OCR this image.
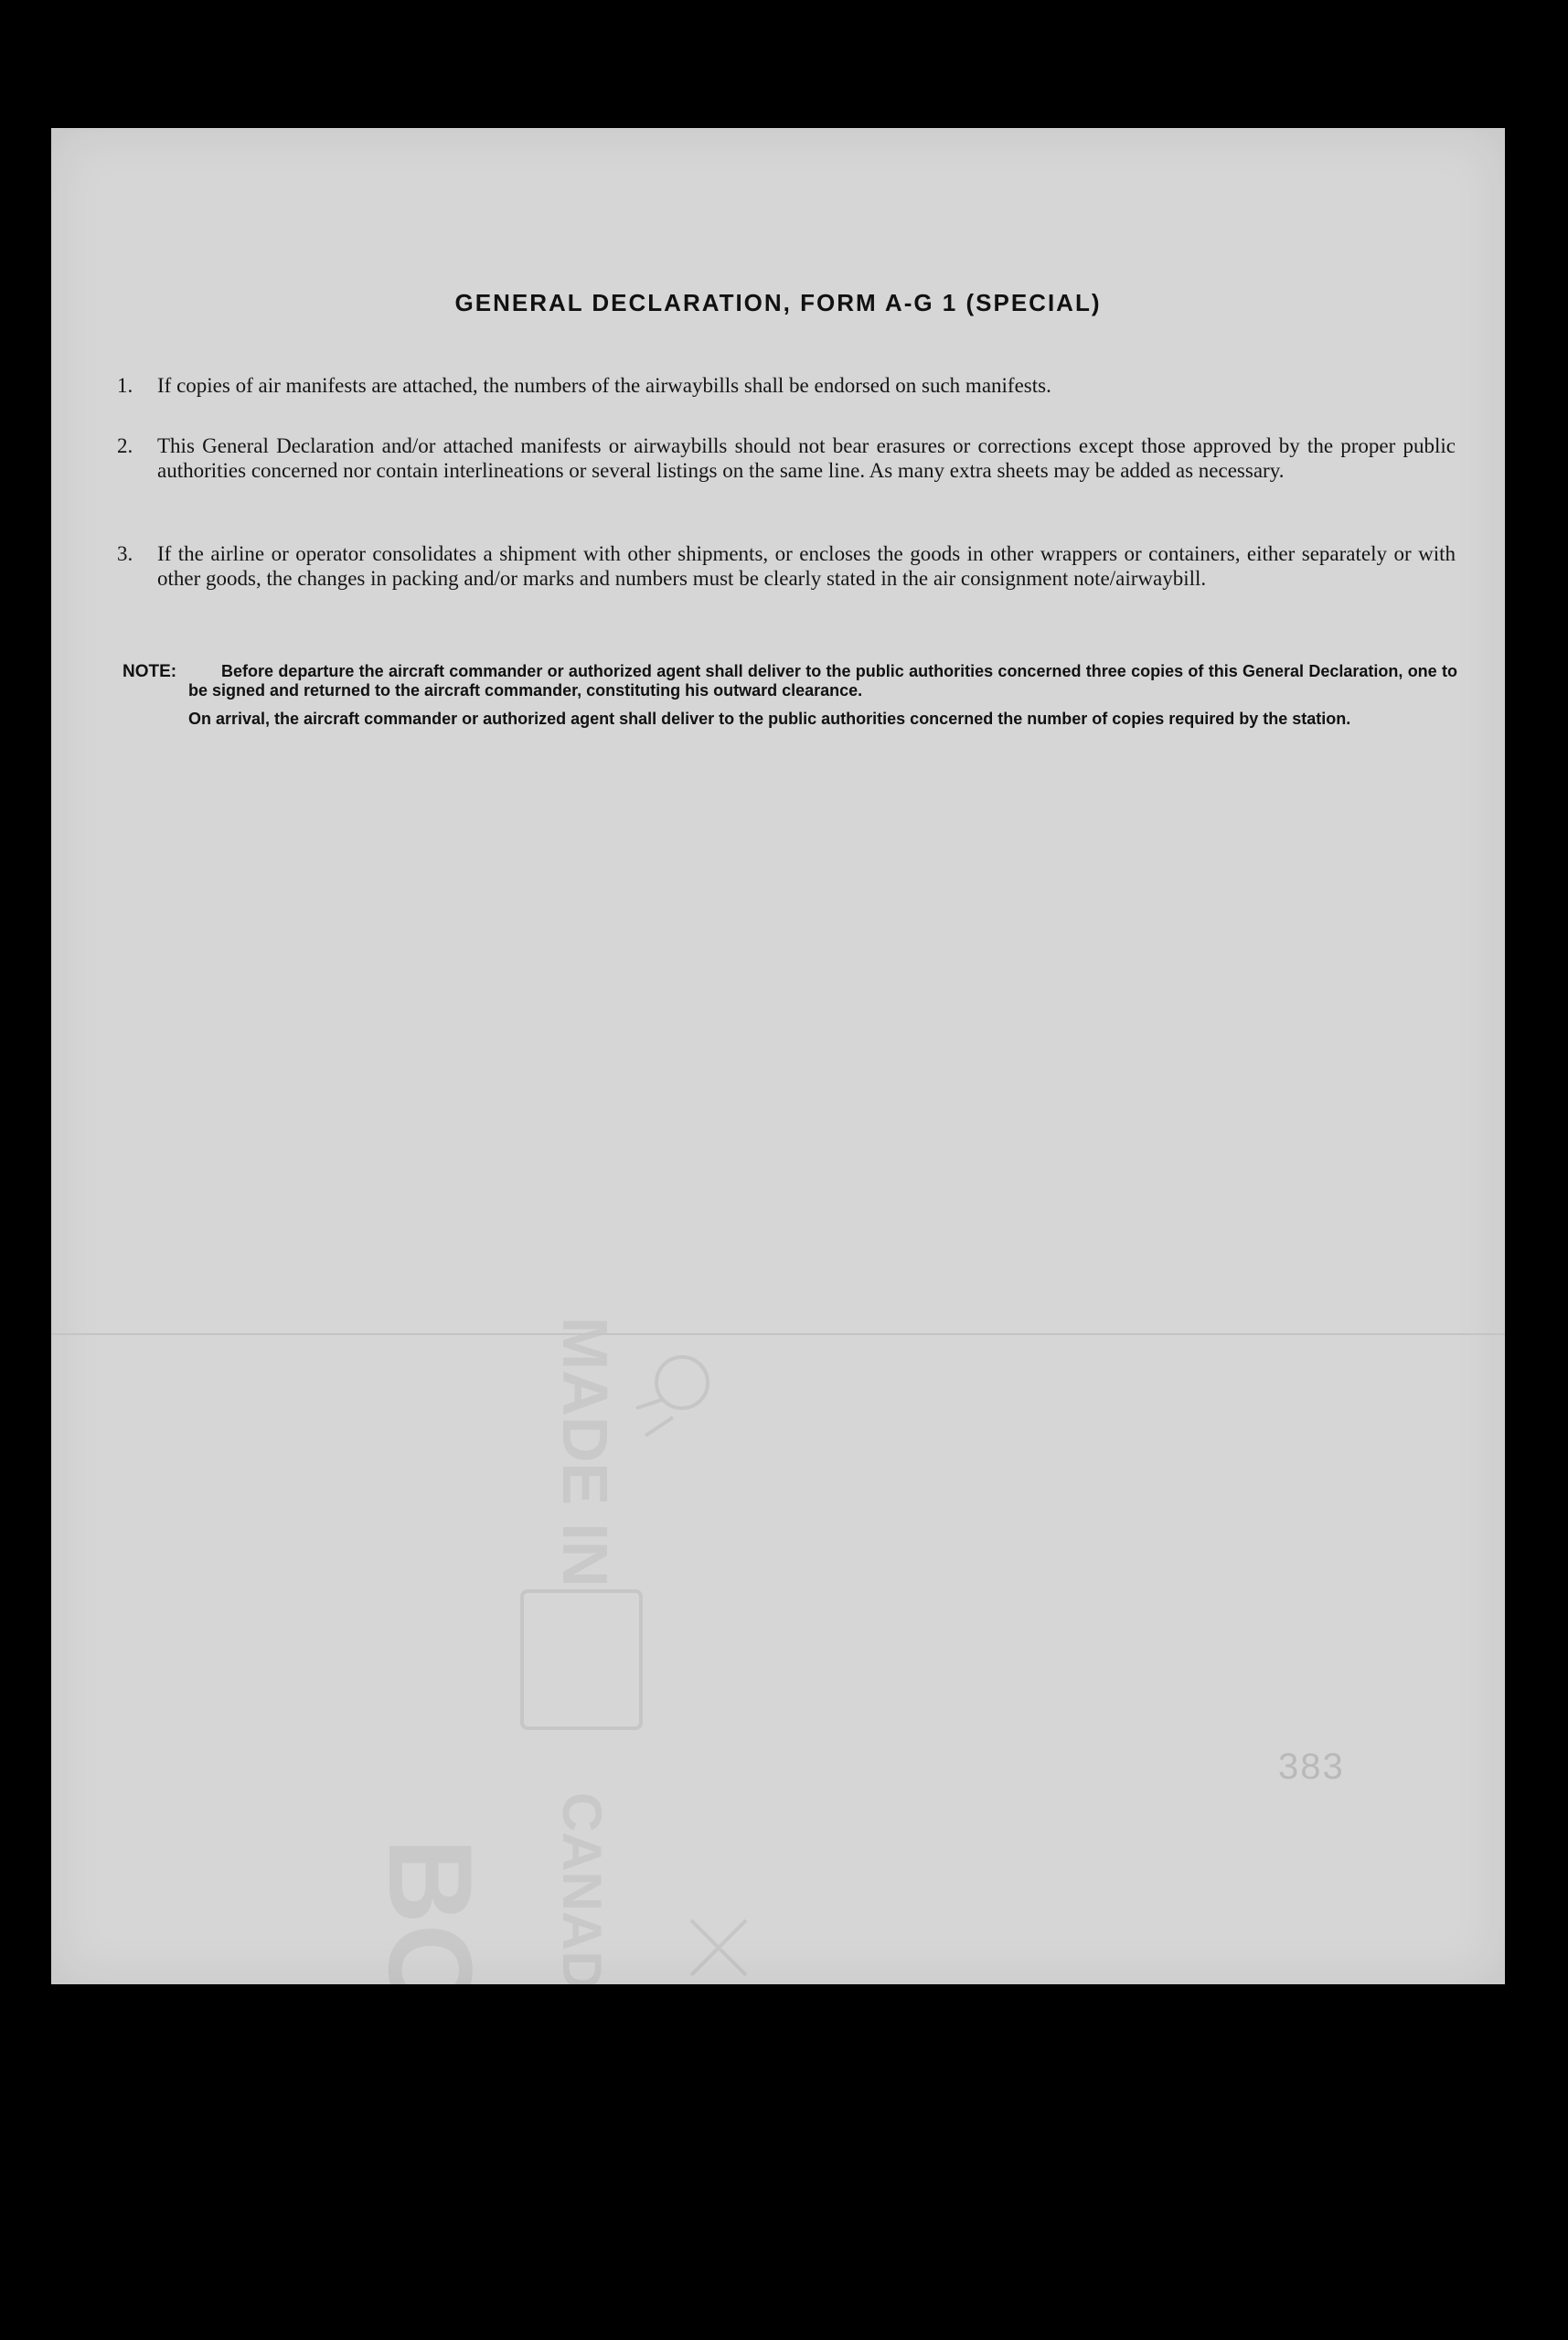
BOND
MADE IN
CANADA
GENERAL DECLARATION, FORM A-G 1 (SPECIAL)
1. If copies of air manifests are attached, the numbers of the airwaybills shall be endorsed on such manifests.
2. This General Declaration and/or attached manifests or airwaybills should not bear erasures or corrections except those approved by the proper public authorities concerned nor contain interlineations or several listings on the same line. As many extra sheets may be added as necessary.
3. If the airline or operator consolidates a shipment with other shipments, or encloses the goods in other wrappers or containers, either separately or with other goods, the changes in packing and/or marks and numbers must be clearly stated in the air consignment note/airwaybill.
NOTE:	Before departure the aircraft commander or authorized agent shall deliver to the public authorities concerned three copies of this General Declaration, one to be signed and returned to the aircraft commander, constituting his outward clearance.
On arrival, the aircraft commander or authorized agent shall deliver to the public authorities concerned the number of copies required by the station.
383
